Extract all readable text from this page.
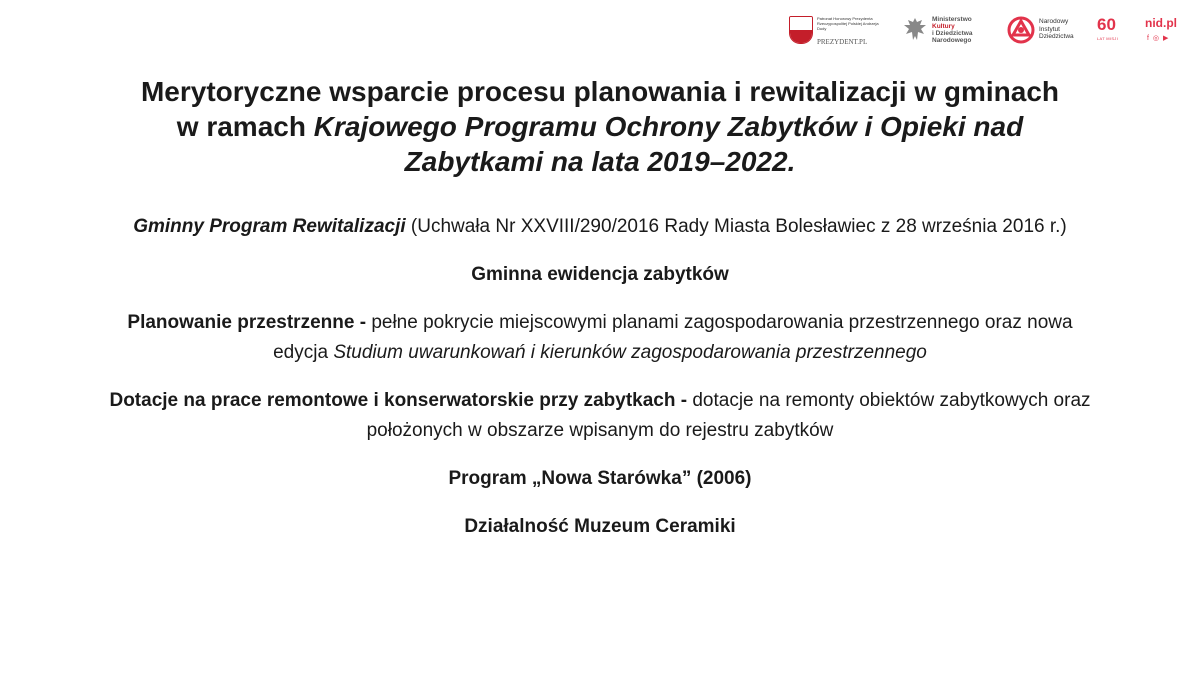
Patronat Honorowy Prezydenta Rzeczypospolitej Polskiej Andrzeja Dudy
PREZYDENT.PL
Ministerstwo
Kultury
i Dziedzictwa
Narodowego
Narodowy
Instytut
Dziedzictwa
60
LAT MISJI
nid.pl
f ◎ ▶
Merytoryczne wsparcie procesu planowania i rewitalizacji w gminach
w ramach Krajowego Programu Ochrony Zabytków i Opieki nad
Zabytkami na lata 2019–2022.

Gminny Program Rewitalizacji (Uchwała Nr XXVIII/290/2016 Rady Miasta Bolesławiec z 28 września 2016 r.)

Gminna ewidencja zabytków

Planowanie przestrzenne - pełne pokrycie miejscowymi planami zagospodarowania przestrzennego oraz nowa edycja Studium uwarunkowań i kierunków zagospodarowania przestrzennego

Dotacje na prace remontowe i konserwatorskie przy zabytkach - dotacje na remonty obiektów zabytkowych oraz położonych w obszarze wpisanym do rejestru zabytków

Program „Nowa Starówka” (2006)

Działalność Muzeum Ceramiki
